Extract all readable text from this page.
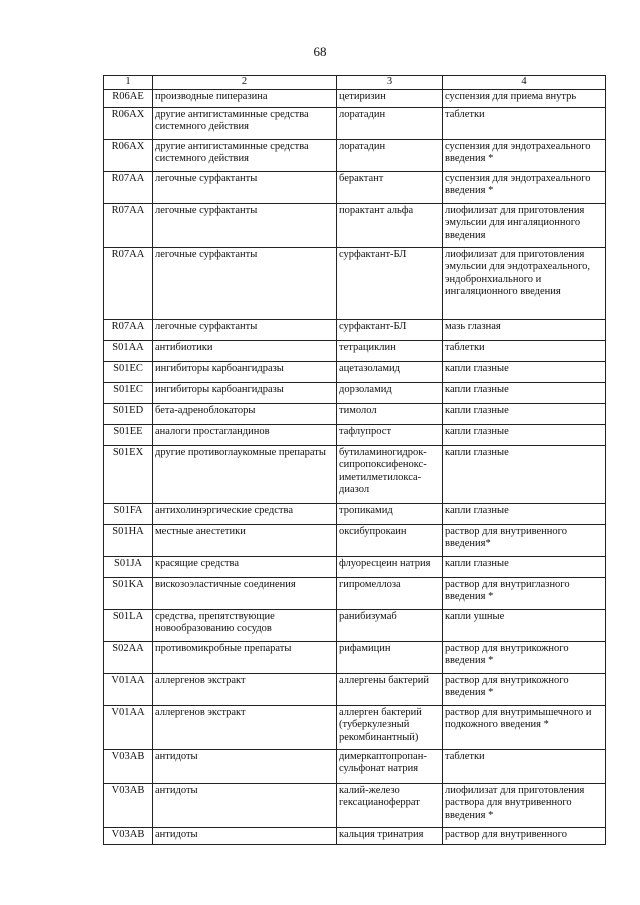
68
1	2	3	4
R06AE	производные пиперазина	цетиризин	суспензия для приема внутрь
R06AX	другие антигистаминные средства системного действия	лоратадин	таблетки
R06AX	другие антигистаминные средства системного действия	лоратадин	суспензия для эндотрахеального введения *
R07AA	легочные сурфактанты	берактант	суспензия для эндотрахеального введения *
R07AA	легочные сурфактанты	порактант альфа	лиофилизат для приготовления эмульсии для ингаляционного введения
R07AA	легочные сурфактанты	сурфактант-БЛ	лиофилизат для приготовления эмульсии для эндотрахеального, эндобронхиального и ингаляционного введения
R07AA	легочные сурфактанты	сурфактант-БЛ	мазь глазная
S01AA	антибиотики	тетрациклин	таблетки
S01EC	ингибиторы карбоангидразы	ацетазоламид	капли глазные
S01EC	ингибиторы карбоангидразы	дорзоламид	капли глазные
S01ED	бета-адреноблокаторы	тимолол	капли глазные
S01EE	аналоги простагландинов	тафлупрост	капли глазные
S01EX	другие противоглаукомные препараты	бутиламиногидрок-сипропоксифенокс-иметилметилокса-диазол	капли глазные
S01FA	антихолинэргические средства	тропикамид	капли глазные
S01HA	местные анестетики	оксибупрокаин	раствор для внутривенного введения*
S01JA	красящие средства	флуоресцеин натрия	капли глазные
S01KA	вискозоэластичные соединения	гипромеллоза	раствор для внутриглазного введения *
S01LA	средства, препятствующие новообразованию сосудов	ранибизумаб	капли ушные
S02AA	противомикробные препараты	рифамицин	раствор для внутрикожного введения *
V01AA	аллергенов экстракт	аллергены бактерий	раствор для внутрикожного введения *
V01AA	аллергенов экстракт	аллерген бактерий (туберкулезный рекомбинантный)	раствор для внутримышечного и подкожного введения *
V03AB	антидоты	димеркаптопропан-сульфонат натрия	таблетки
V03AB	антидоты	калий-железо гексацианоферрат	лиофилизат для приготовления раствора для внутривенного введения *
V03AB	антидоты	кальция тринатрия	раствор для внутривенного
